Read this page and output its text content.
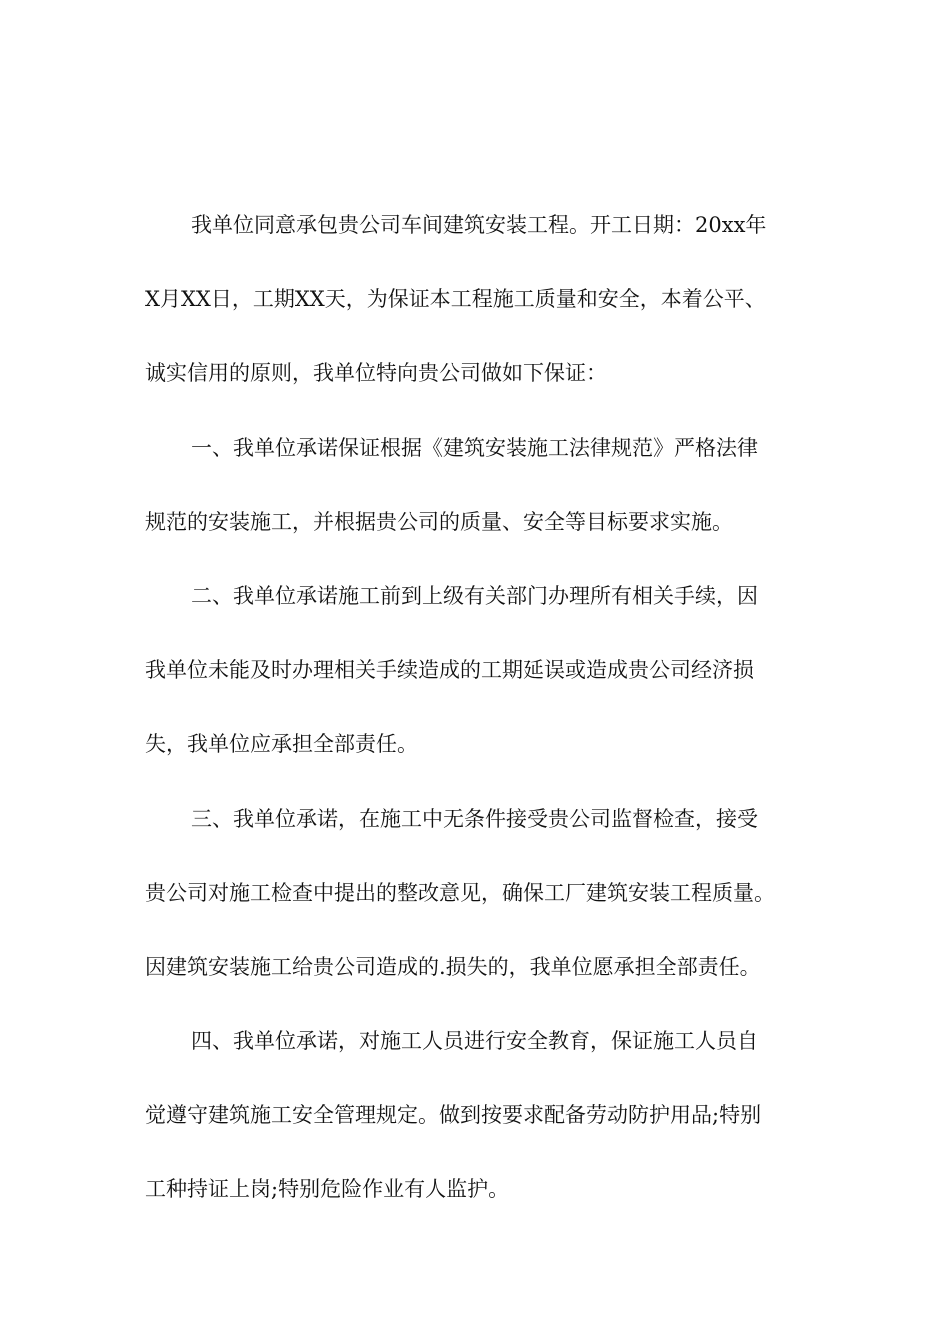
我单位同意承包贵公司车间建筑安装工程。开工日期：20xx年
X月XX日，工期XX天，为保证本工程施工质量和安全，本着公平、
诚实信用的原则，我单位特向贵公司做如下保证：
一、我单位承诺保证根据《建筑安装施工法律规范》严格法律
规范的安装施工，并根据贵公司的质量、安全等目标要求实施。
二、我单位承诺施工前到上级有关部门办理所有相关手续，因
我单位未能及时办理相关手续造成的工期延误或造成贵公司经济损
失，我单位应承担全部责任。
三、我单位承诺，在施工中无条件接受贵公司监督检查，接受
贵公司对施工检查中提出的整改意见，确保工厂建筑安装工程质量。
因建筑安装施工给贵公司造成的.损失的，我单位愿承担全部责任。
四、我单位承诺，对施工人员进行安全教育，保证施工人员自
觉遵守建筑施工安全管理规定。做到按要求配备劳动防护用品;特别
工种持证上岗;特别危险作业有人监护。
